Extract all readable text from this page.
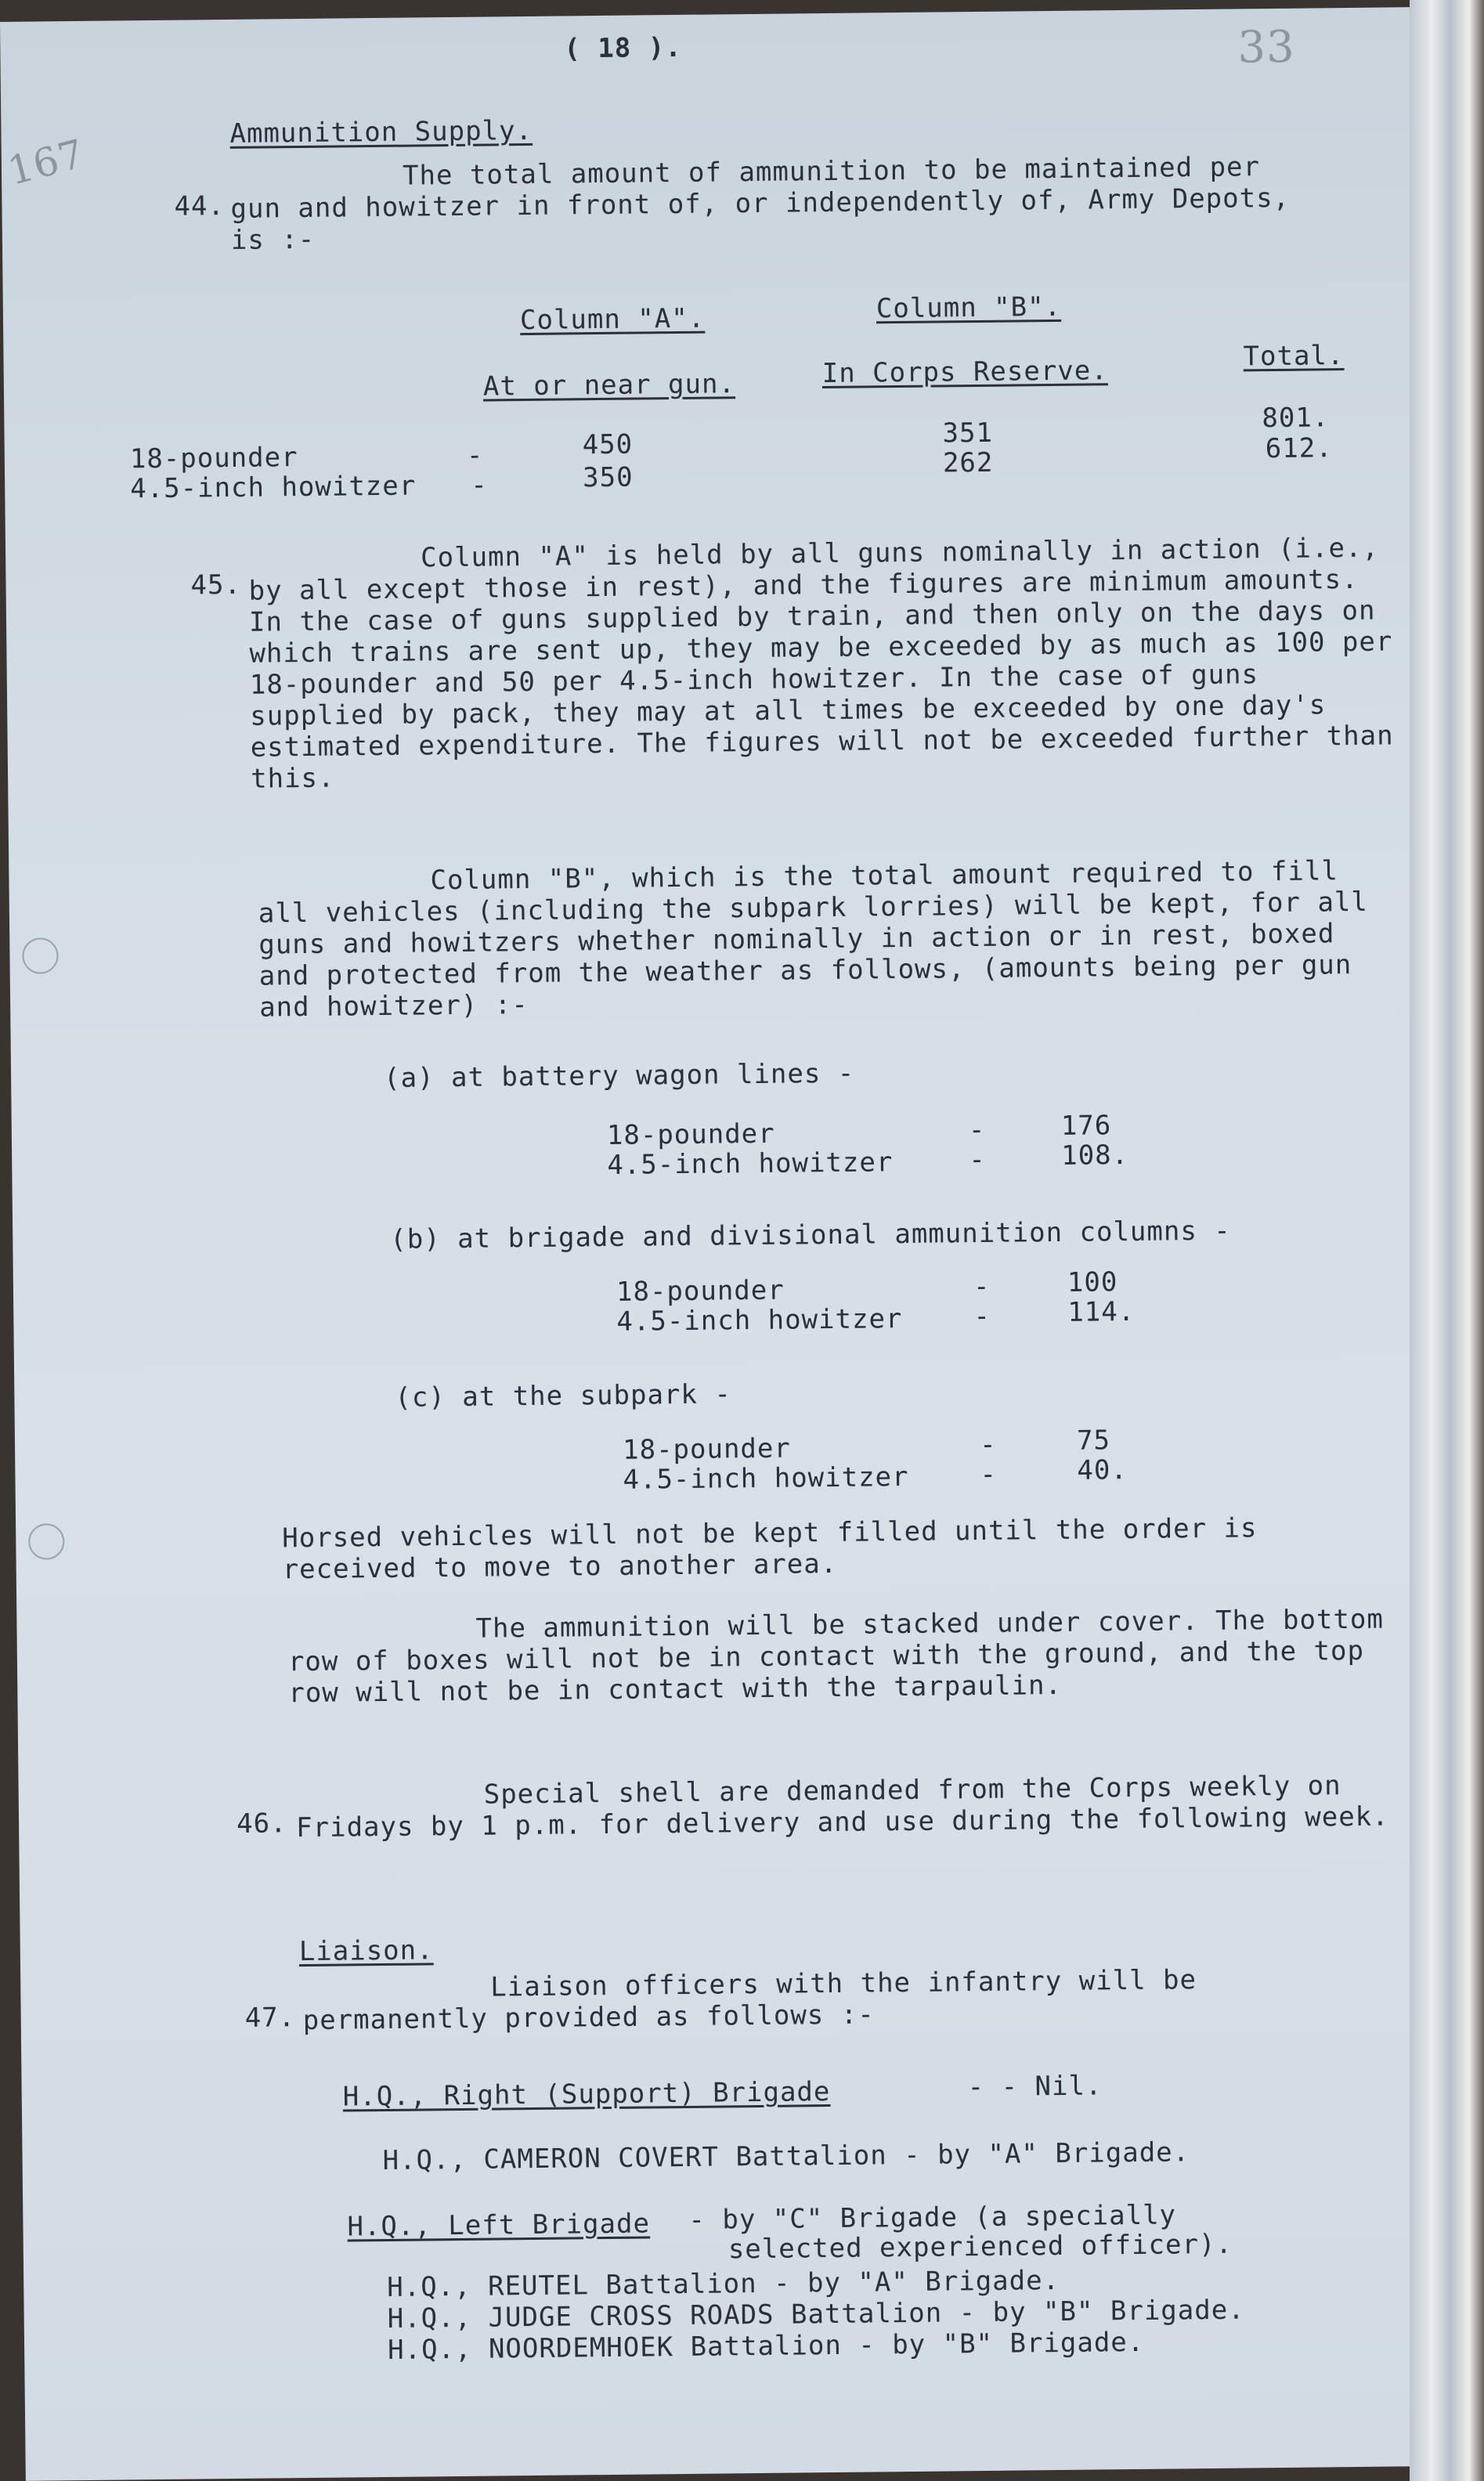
( 18 ).	33
167	Ammunition Supply.
44.
The total amount of ammunition to be maintained per gun and howitzer in front of, or independently of, Army Depots, is :-
Column "A".	Column "B".
At or near gun.	In Corps Reserve.	Total.
18-pounder	-	450	351	801.
4.5-inch howitzer -	350	262	612.
45.
Column "A" is held by all guns nominally in action (i.e., by all except those in rest), and the figures are minimum amounts. In the case of guns supplied by train, and then only on the days on which trains are sent up, they may be exceeded by as much as 100 per 18-pounder and 50 per 4.5-inch howitzer. In the case of guns supplied by pack, they may at all times be exceeded by one day's estimated expenditure. The figures will not be exceeded further than this.
Column "B", which is the total amount required to fill all vehicles (including the subpark lorries) will be kept, for all guns and howitzers whether nominally in action or in rest, boxed and protected from the weather as follows, (amounts being per gun and howitzer) :-
(a) at battery wagon lines -
18-pounder	-	176
4.5-inch howitzer	-	108.
(b) at brigade and divisional ammunition columns -
18-pounder	-	100
4.5-inch howitzer	-	114.
(c) at the subpark -
18-pounder	-	75
4.5-inch howitzer	-	40.
Horsed vehicles will not be kept filled until the order is received to move to another area.
The ammunition will be stacked under cover. The bottom row of boxes will not be in contact with the ground, and the top row will not be in contact with the tarpaulin.
46.
Special shell are demanded from the Corps weekly on Fridays by 1 p.m. for delivery and use during the following week.
Liaison.
47.
Liaison officers with the infantry will be permanently provided as follows :-
H.Q., Right (Support) Brigade	- - Nil.
H.Q., CAMERON COVERT Battalion - by "A" Brigade.
H.Q., Left Brigade - by "C" Brigade (a specially
selected experienced officer).
H.Q., REUTEL Battalion - by "A" Brigade.
H.Q., JUDGE CROSS ROADS Battalion - by "B" Brigade.
H.Q., NOORDEMHOEK Battalion - by "B" Brigade.
